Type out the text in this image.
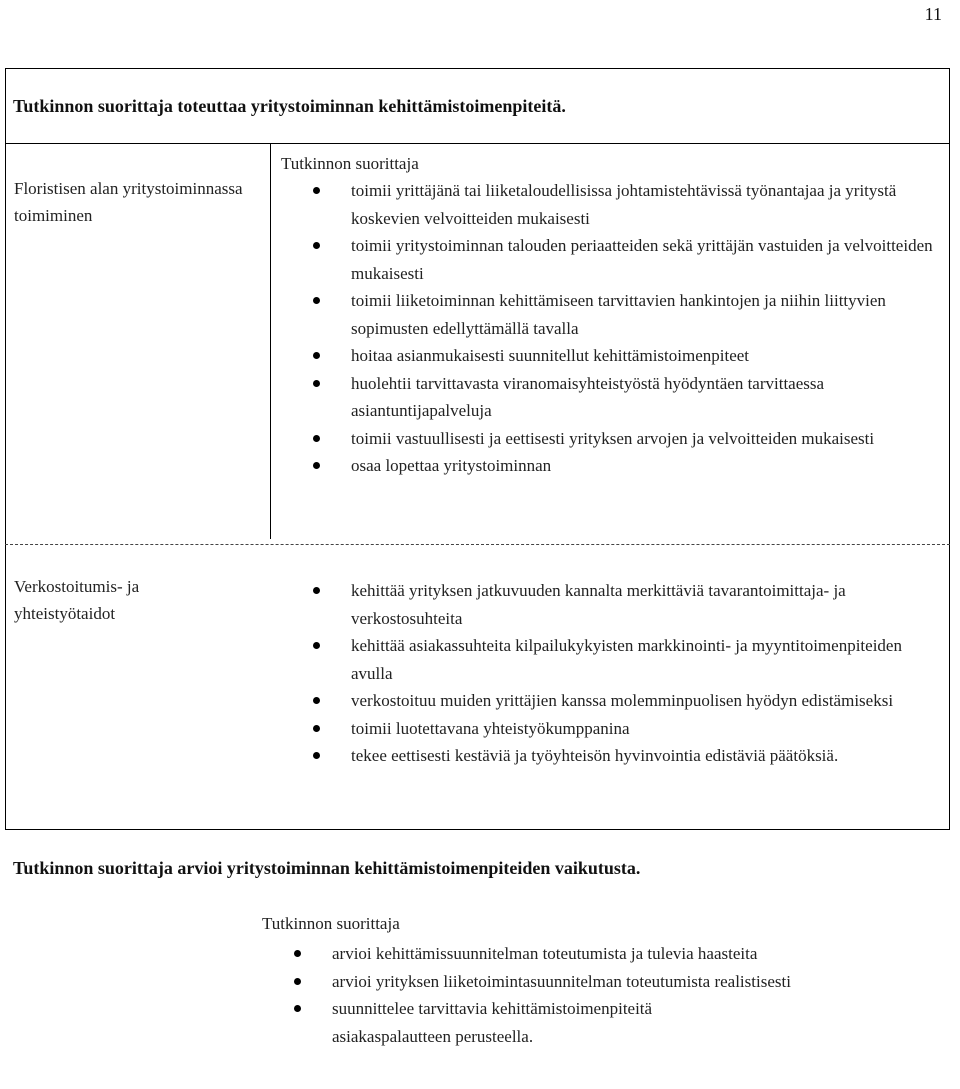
11
Tutkinnon suorittaja toteuttaa yritystoiminnan kehittämistoimenpiteitä.
Floristisen alan yritystoiminnassa toimiminen
Tutkinnon suorittaja
toimii yrittäjänä tai liiketaloudellisissa johtamistehtävissä työnantajaa ja yritystä koskevien velvoitteiden mukaisesti
toimii yritystoiminnan talouden periaatteiden sekä yrittäjän vastuiden ja velvoitteiden mukaisesti
toimii liiketoiminnan kehittämiseen tarvittavien hankintojen ja niihin liittyvien sopimusten edellyttämällä tavalla
hoitaa asianmukaisesti suunnitellut kehittämistoimenpiteet
huolehtii tarvittavasta viranomaisyhteistyöstä hyödyntäen tarvittaessa asiantuntijapalveluja
toimii vastuullisesti ja eettisesti yrityksen arvojen ja velvoitteiden mukaisesti
osaa lopettaa yritystoiminnan
Verkostoitumis- ja yhteistyötaidot
kehittää yrityksen jatkuvuuden kannalta merkittäviä tavarantoimittaja- ja verkostosuhteita
kehittää asiakassuhteita kilpailukykyisten markkinointi- ja myyntitoimenpiteiden avulla
verkostoituu muiden yrittäjien kanssa molemminpuolisen hyödyn edistämiseksi
toimii luotettavana yhteistyökumppanina
tekee eettisesti kestäviä ja työyhteisön hyvinvointia edistäviä päätöksiä.
Tutkinnon suorittaja arvioi yritystoiminnan kehittämistoimenpiteiden vaikutusta.
Tutkinnon suorittaja
arvioi kehittämissuunnitelman toteutumista ja tulevia haasteita
arvioi yrityksen liiketoimintasuunnitelman toteutumista realistisesti
suunnittelee tarvittavia kehittämistoimenpiteitä asiakaspalautteen perusteella.
